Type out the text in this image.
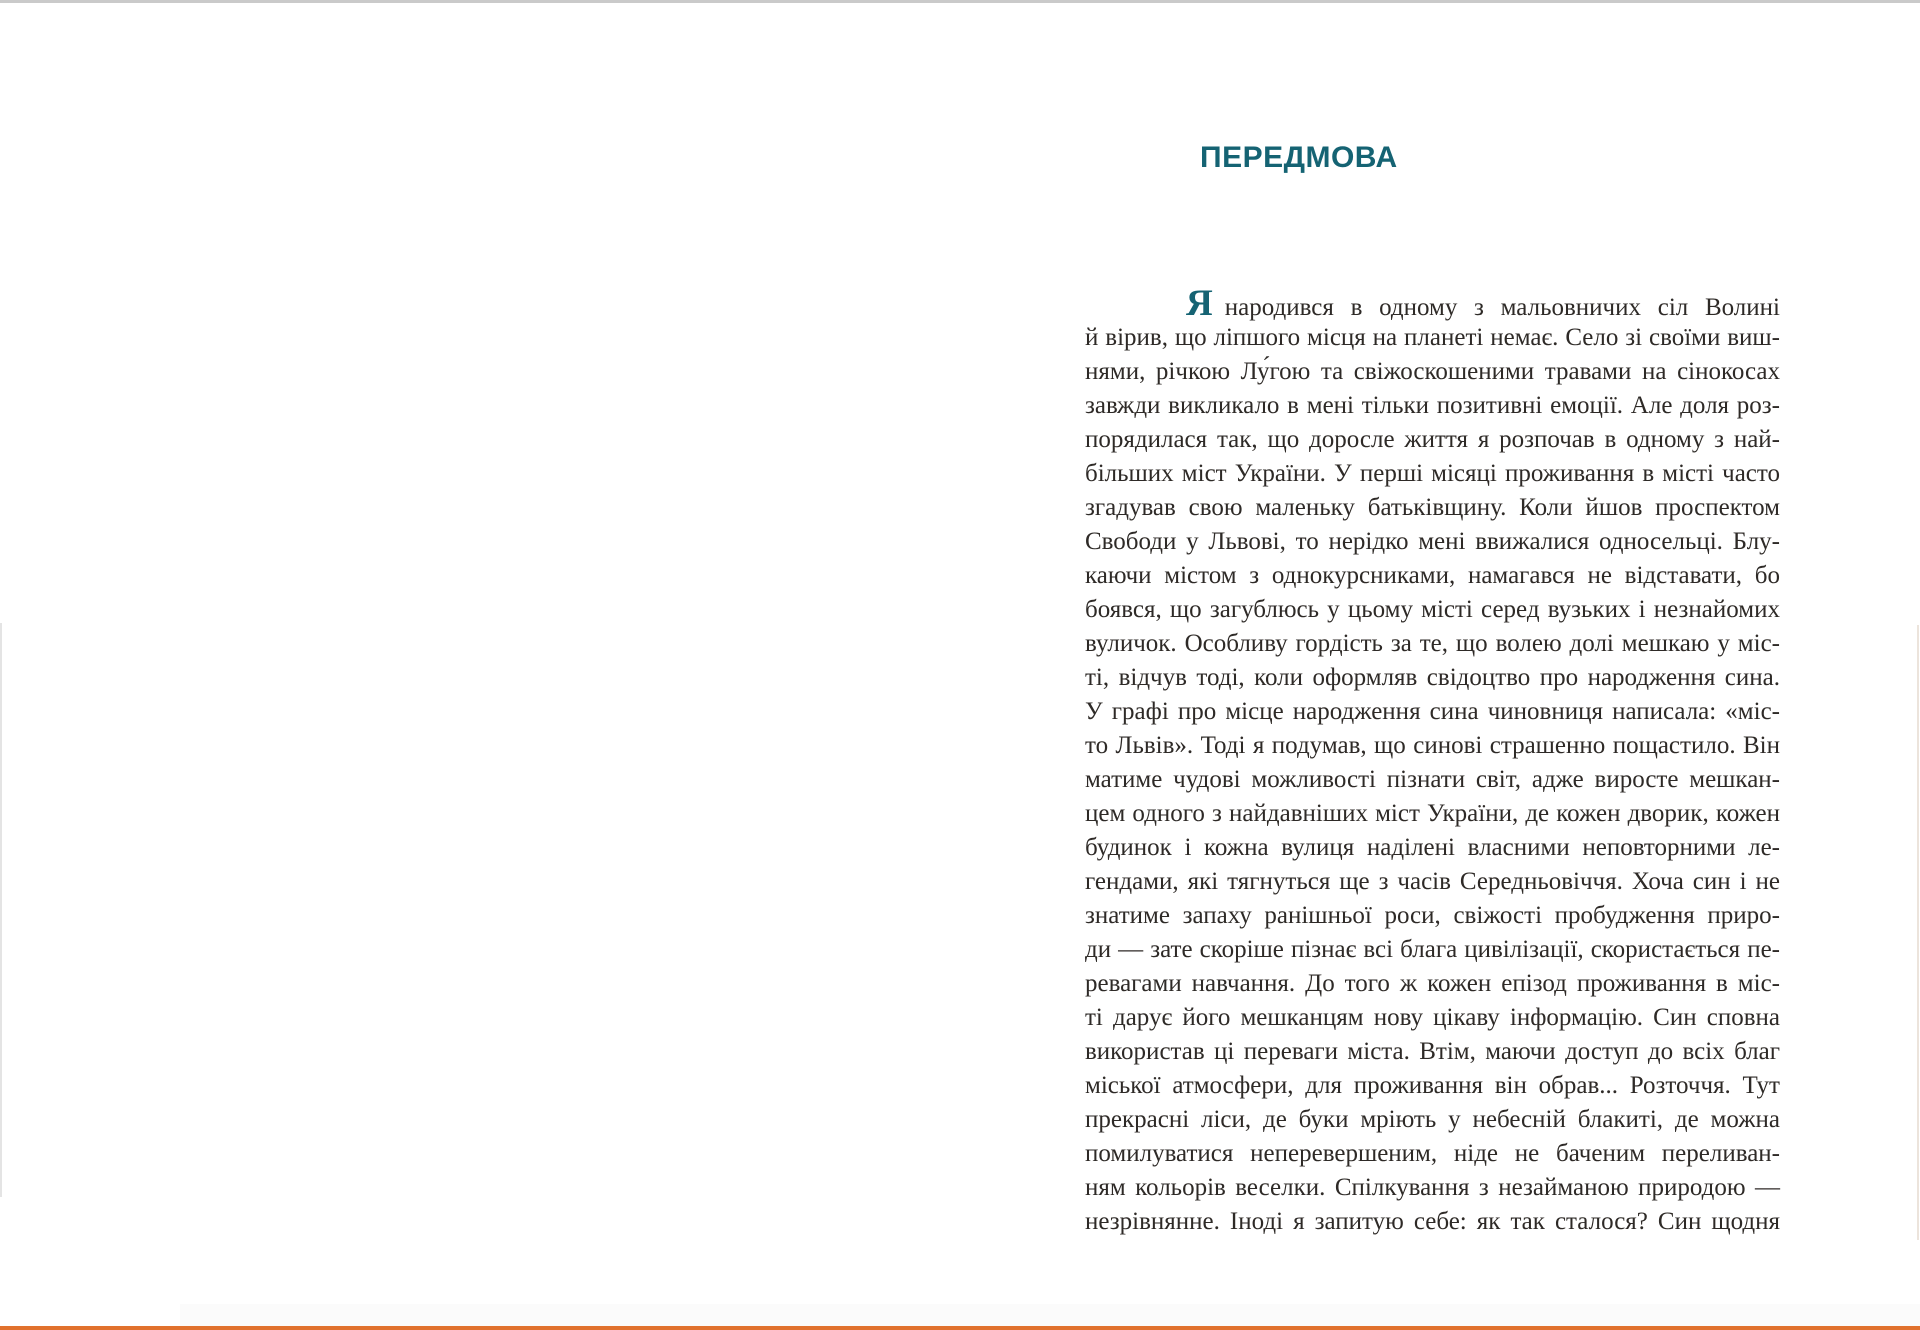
ПЕРЕДМОВА
Я народився в одному з мальовничих сіл Волині
й вірив, що ліпшого місця на планеті немає. Село зі своїми виш-
нями, річкою Лу́гою та свіжоскошеними травами на сінокосах
завжди викликало в мені тільки позитивні емоції. Але доля роз-
порядилася так, що доросле життя я розпочав в одному з най-
більших міст України. У перші місяці проживання в місті часто
згадував свою маленьку батьківщину. Коли йшов проспектом
Свободи у Львові, то нерідко мені ввижалися односельці. Блу-
каючи містом з однокурсниками, намагався не відставати, бо
боявся, що загублюсь у цьому місті серед вузьких і незнайомих
вуличок. Особливу гордість за те, що волею долі мешкаю у міс-
ті, відчув тоді, коли оформляв свідоцтво про народження сина.
У графі про місце народження сина чиновниця написала: «міс-
то Львів». Тоді я подумав, що синові страшенно пощастило. Він
матиме чудові можливості пізнати світ, адже виросте мешкан-
цем одного з найдавніших міст України, де кожен дворик, кожен
будинок і кожна вулиця наділені власними неповторними ле-
гендами, які тягнуться ще з часів Середньовіччя. Хоча син і не
знатиме запаху ранішньої роси, свіжості пробудження приро-
ди — зате скоріше пізнає всі блага цивілізації, скористається пе-
ревагами навчання. До того ж кожен епізод проживання в міс-
ті дарує його мешканцям нову цікаву інформацію. Син сповна
використав ці переваги міста. Втім, маючи доступ до всіх благ
міської атмосфери, для проживання він обрав... Розточчя. Тут
прекрасні ліси, де буки мріють у небесній блакиті, де можна
помилуватися неперевершеним, ніде не баченим переливан-
ням кольорів веселки. Спілкування з незайманою природою —
незрівнянне. Іноді я запитую себе: як так сталося? Син щодня
